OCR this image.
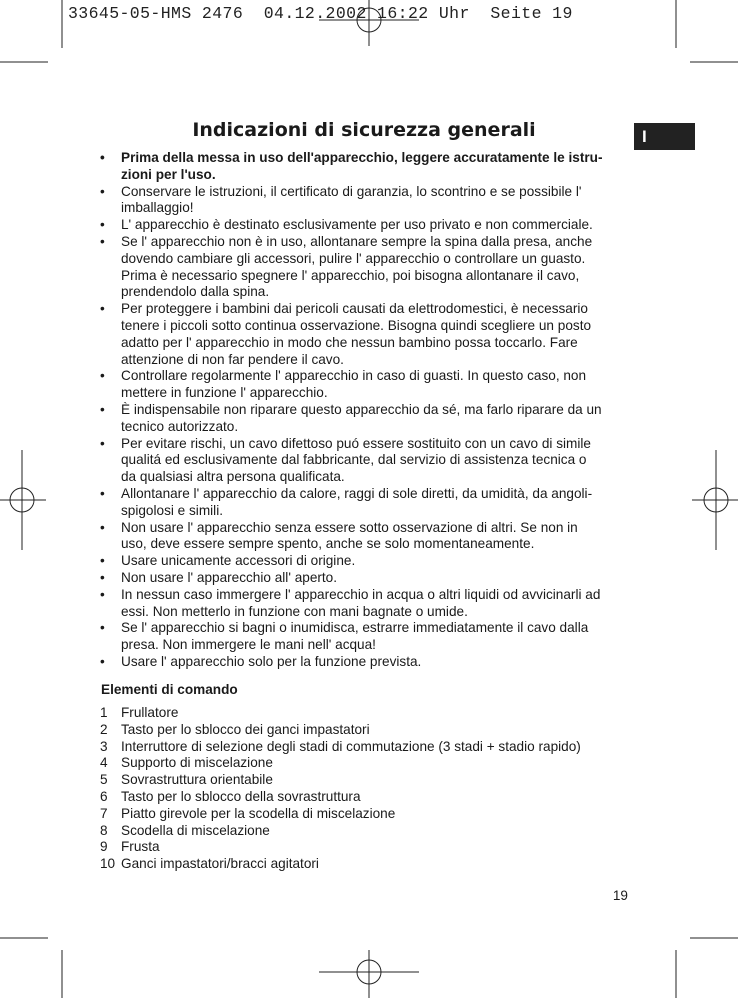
33645-05-HMS 2476  04.12.2002 16:22 Uhr  Seite 19
I
Indicazioni di sicurezza generali
• Prima della messa in uso dell'apparecchio, leggere accuratamente le istru-
zioni per l'uso.
• Conservare le istruzioni, il certificato di garanzia, lo scontrino e se possibile l'
imballaggio!
• L' apparecchio è destinato esclusivamente per uso privato e non commerciale.
• Se l' apparecchio non è in uso, allontanare sempre la spina dalla presa, anche
dovendo cambiare gli accessori, pulire l' apparecchio o controllare un guasto.
Prima è necessario spegnere l' apparecchio, poi bisogna allontanare il cavo,
prendendolo dalla spina.
• Per proteggere i bambini dai pericoli causati da elettrodomestici, è necessario
tenere i piccoli sotto continua osservazione. Bisogna quindi scegliere un posto
adatto per l' apparecchio in modo che nessun bambino possa toccarlo. Fare
attenzione di non far pendere il cavo.
• Controllare regolarmente l' apparecchio in caso di guasti. In questo caso, non
mettere in funzione l' apparecchio.
• È indispensabile non riparare questo apparecchio da sé, ma farlo riparare da un
tecnico autorizzato.
• Per evitare rischi, un cavo difettoso puó essere sostituito con un cavo di simile
qualitá ed esclusivamente dal fabbricante, dal servizio di assistenza tecnica o
da qualsiasi altra persona qualificata.
• Allontanare l' apparecchio da calore, raggi di sole diretti, da umidità, da angoli-
spigolosi e simili.
• Non usare l' apparecchio senza essere sotto osservazione di altri. Se non in
uso, deve essere sempre spento, anche se solo momentaneamente.
• Usare unicamente accessori di origine.
• Non usare l' apparecchio all' aperto.
• In nessun caso immergere l' apparecchio in acqua o altri liquidi od avvicinarli ad
essi. Non metterlo in funzione con mani bagnate o umide.
• Se l' apparecchio si bagni o inumidisca, estrarre immediatamente il cavo dalla
presa. Non immergere le mani nell' acqua!
• Usare l' apparecchio solo per la funzione prevista.
Elementi di comando
1 Frullatore
2 Tasto per lo sblocco dei ganci impastatori
3 Interruttore di selezione degli stadi di commutazione (3 stadi + stadio rapido)
4 Supporto di miscelazione
5 Sovrastruttura orientabile
6 Tasto per lo sblocco della sovrastruttura
7 Piatto girevole per la scodella di miscelazione
8 Scodella di miscelazione
9 Frusta
10 Ganci impastatori/bracci agitatori
19
